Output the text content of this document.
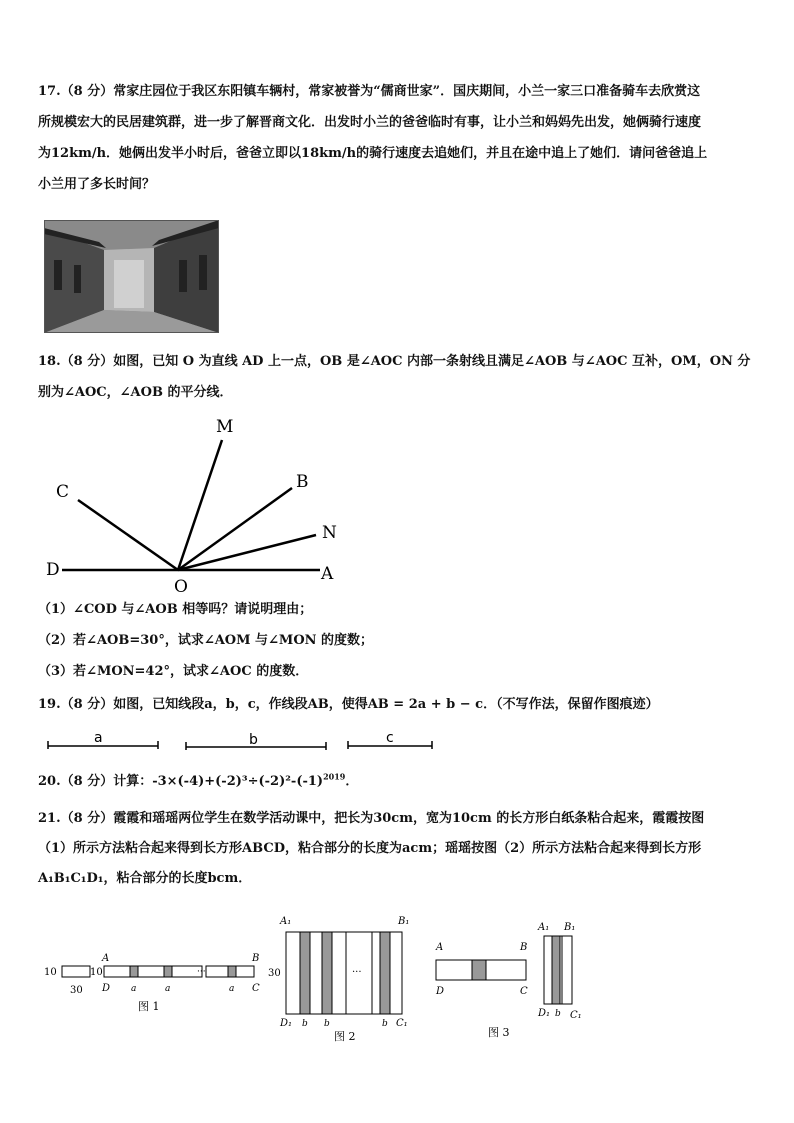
17.（8 分）常家庄园位于我区东阳镇车辆村，常家被誉为“儒商世家”．国庆期间，小兰一家三口准备骑车去欣赏这
所规模宏大的民居建筑群，进一步了解晋商文化．出发时小兰的爸爸临时有事，让小兰和妈妈先出发，她俩骑行速度
为12km/h．她俩出发半小时后，爸爸立即以18km/h的骑行速度去追她们，并且在途中追上了她们．请问爸爸追上
小兰用了多长时间？
18.（8 分）如图，已知 O 为直线 AD 上一点，OB 是∠AOC 内部一条射线且满足∠AOB 与∠AOC 互补，OM，ON 分
别为∠AOC，∠AOB 的平分线．
M
B
C
N
D
O
A
（1）∠COD 与∠AOB 相等吗？请说明理由；
（2）若∠AOB=30°，试求∠AOM 与∠MON 的度数；
（3）若∠MON=42°，试求∠AOC 的度数．
19.（8 分）如图，已知线段a，b，c，作线段AB，使得AB = 2a + b − c．（不写作法，保留作图痕迹）
a	b	c
20.（8 分）计算：$-3\times(-4)+(-2)^3\div(-2)^2-(-1)^{2019}$．
21.（8 分）霞霞和瑶瑶两位学生在数学活动课中，把长为30cm，宽为10cm 的长方形白纸条粘合起来，霞霞按图
（1）所示方法粘合起来得到长方形ABCD，粘合部分的长度为acm；瑶瑶按图（2）所示方法粘合起来得到长方形
A₁B₁C₁D₁，粘合部分的长度bcm．
10
30
A
10	···
D a	a	a
B
C
图 1
A₁	B₁
30	...
D₁ b b	b C₁
图 2
A	B
D	C
A₁ B₁
D₁ b C₁
图 3
